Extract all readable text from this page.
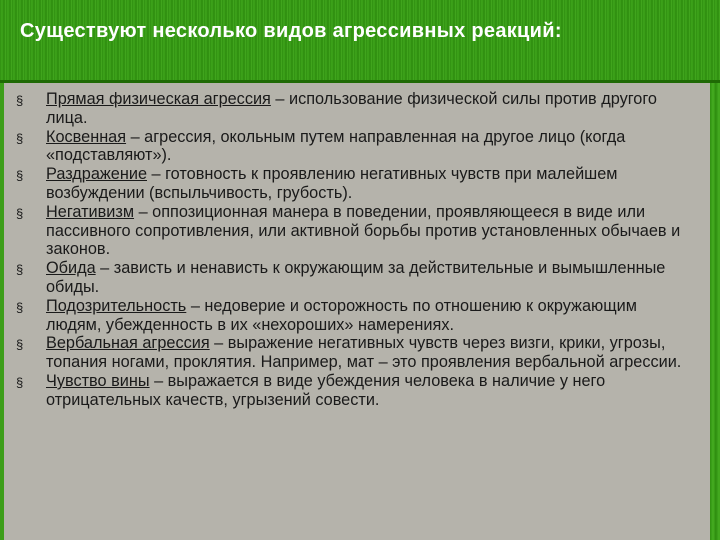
Существуют несколько видов агрессивных реакций:
§ Прямая физическая агрессия – использование физической силы против другого лица.
§ Косвенная – агрессия, окольным путем направленная на другое лицо (когда «подставляют»).
§ Раздражение – готовность к проявлению негативных чувств при малейшем возбуждении (вспыльчивость, грубость).
§ Негативизм – оппозиционная манера в поведении, проявляющееся в виде или пассивного сопротивления, или активной борьбы против установленных обычаев и законов.
§ Обида – зависть и ненависть к окружающим за действительные и вымышленные обиды.
§ Подозрительность – недоверие и осторожность по отношению к окружающим людям, убежденность в их «нехороших» намерениях.
§ Вербальная агрессия – выражение негативных чувств через визги, крики, угрозы, топания ногами, проклятия. Например, мат – это проявления вербальной агрессии.
§ Чувство вины – выражается в виде убеждения человека в наличие у него отрицательных качеств, угрызений совести.
